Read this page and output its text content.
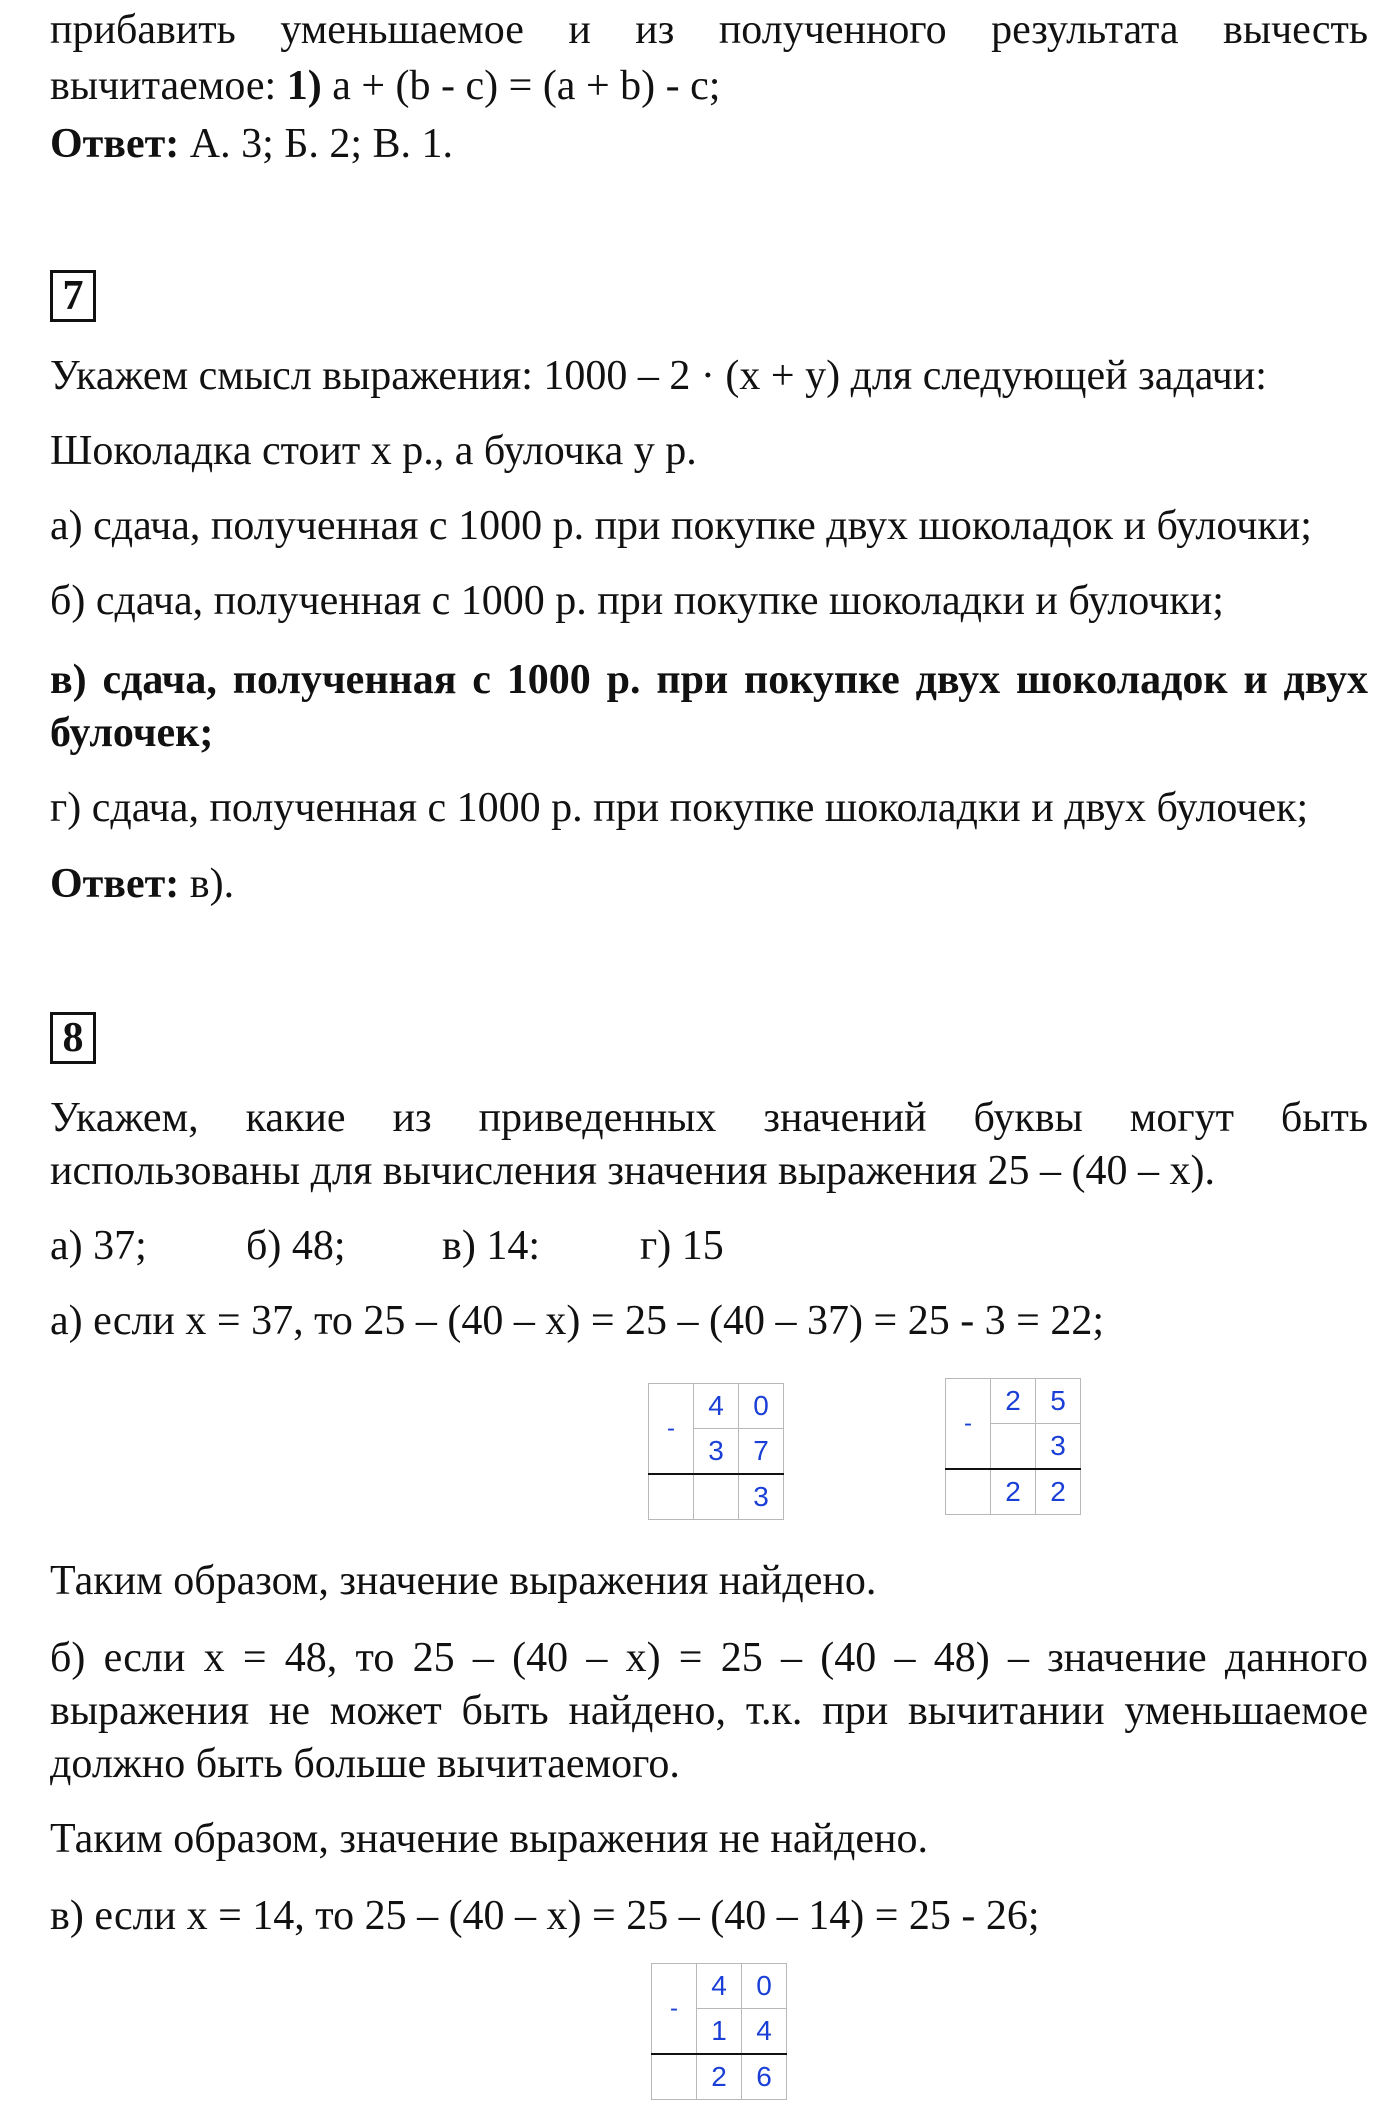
прибавить уменьшаемое и из полученного результата вычесть
вычитаемое: 1) a + (b - c) = (a + b) - c;
Ответ: А. 3; Б. 2; В. 1.
7
Укажем смысл выражения: 1000 – 2 · (x + y) для следующей задачи:
Шоколадка стоит x р., а булочка y р.
а) сдача, полученная с 1000 р. при покупке двух шоколадок и булочки;
б) сдача, полученная с 1000 р. при покупке шоколадки и булочки;
в) сдача, полученная с 1000 р. при покупке двух шоколадок и двух
булочек;
г) сдача, полученная с 1000 р. при покупке шоколадки и двух булочек;
Ответ: в).
8
Укажем, какие из приведенных значений буквы могут быть
использованы для вычисления значения выражения 25 – (40 – x).
а) 37; б) 48; в) 14: г) 15
а) если x = 37, то 25 – (40 – x) = 25 – (40 – 37) = 25 - 3 = 22;
-	4	0
	3	7
		3
-	2	5
		3
	2	2
Таким образом, значение выражения найдено.
б) если x = 48, то 25 – (40 – x) = 25 – (40 – 48) – значение данного
выражения не может быть найдено, т.к. при вычитании уменьшаемое
должно быть больше вычитаемого.
Таким образом, значение выражения не найдено.
в) если x = 14, то 25 – (40 – x) = 25 – (40 – 14) = 25 - 26;
-	4	0
	1	4
	2	6
